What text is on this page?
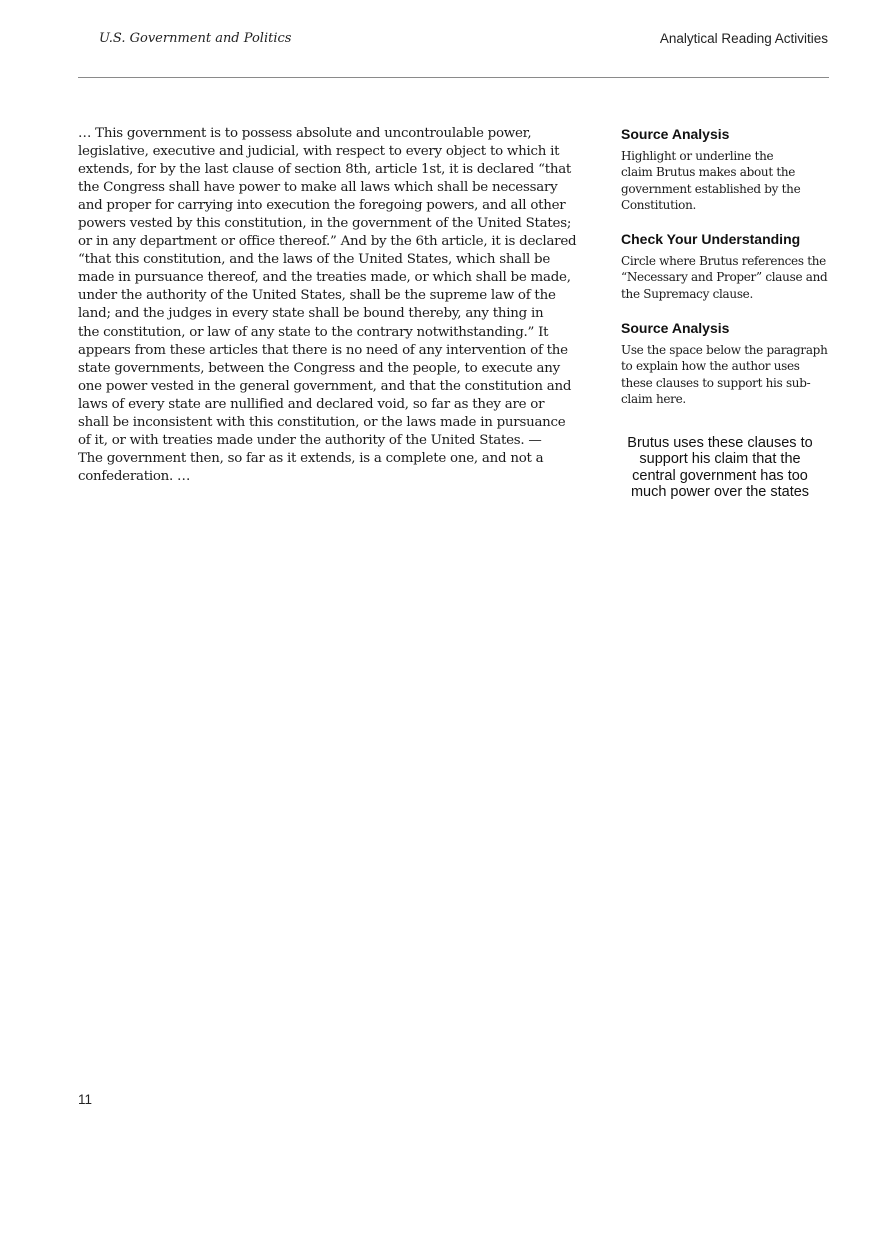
U.S. Government and Politics	Analytical Reading Activities
… This government is to possess absolute and uncontroulable power,
legislative, executive and judicial, with respect to every object to which it
extends, for by the last clause of section 8th, article 1st, it is declared “that
the Congress shall have power to make all laws which shall be necessary
and proper for carrying into execution the foregoing powers, and all other
powers vested by this constitution, in the government of the United States;
or in any department or office thereof.” And by the 6th article, it is declared
“that this constitution, and the laws of the United States, which shall be
made in pursuance thereof, and the treaties made, or which shall be made,
under the authority of the United States, shall be the supreme law of the
land; and the judges in every state shall be bound thereby, any thing in
the constitution, or law of any state to the contrary notwithstanding.” It
appears from these articles that there is no need of any intervention of the
state governments, between the Congress and the people, to execute any
one power vested in the general government, and that the constitution and
laws of every state are nullified and declared void, so far as they are or
shall be inconsistent with this constitution, or the laws made in pursuance
of it, or with treaties made under the authority of the United States. —
The government then, so far as it extends, is a complete one, and not a
confederation. …
Source Analysis
Highlight or underline the
claim Brutus makes about the
government established by the
Constitution.
Check Your Understanding
Circle where Brutus references the
“Necessary and Proper” clause and
the Supremacy clause.
Source Analysis
Use the space below the paragraph
to explain how the author uses
these clauses to support his sub-
claim here.
Brutus uses these clauses to
support his claim that the
central government has too
much power over the states
11
